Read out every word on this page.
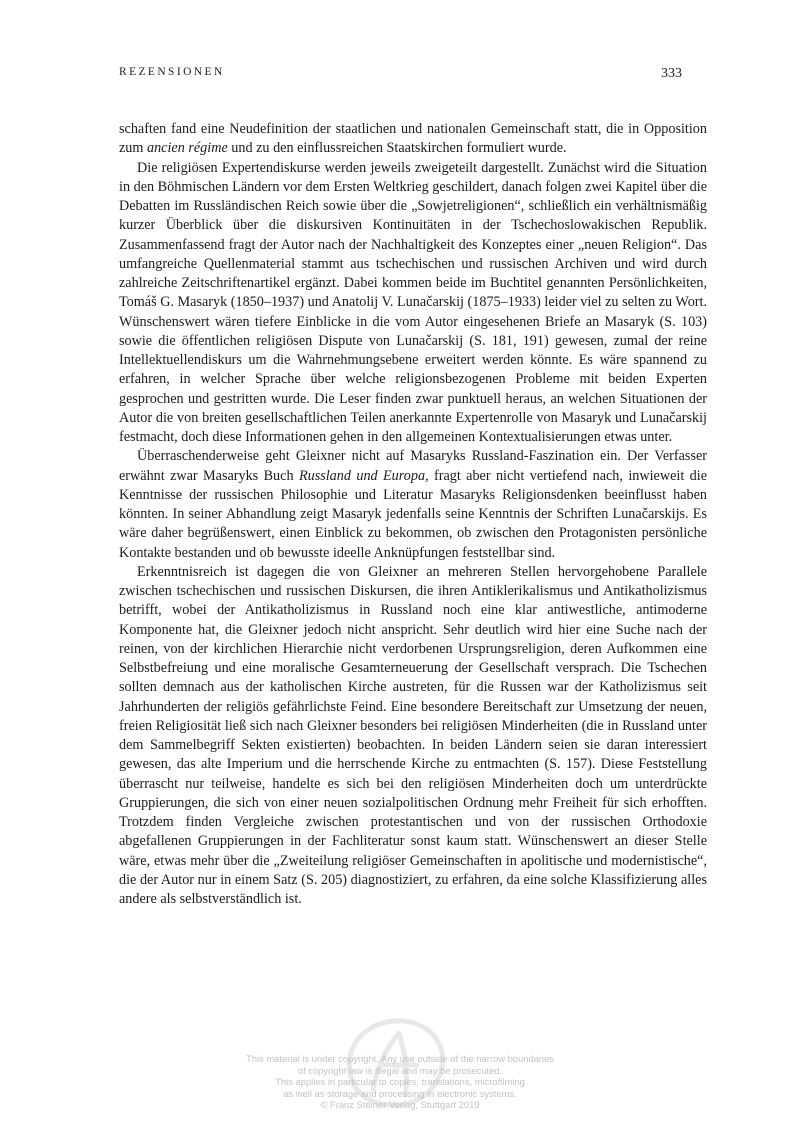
REZENSIONEN	333

schaften fand eine Neudefinition der staatlichen und nationalen Gemeinschaft statt, die in Opposition zum ancien régime und zu den einflussreichen Staatskirchen formuliert wurde.

Die religiösen Expertendiskurse werden jeweils zweigeteilt dargestellt. Zunächst wird die Situation in den Böhmischen Ländern vor dem Ersten Weltkrieg geschildert, danach folgen zwei Kapitel über die Debatten im Russländischen Reich sowie über die „Sowjetreligionen“, schließlich ein verhältnismäßig kurzer Überblick über die diskursiven Kontinuitäten in der Tschechoslowakischen Republik. Zusammenfassend fragt der Autor nach der Nachhaltigkeit des Konzeptes einer „neuen Religion“. Das umfangreiche Quellenmaterial stammt aus tschechischen und russischen Archiven und wird durch zahlreiche Zeitschriftenartikel ergänzt. Dabei kommen beide im Buchtitel genannten Persönlichkeiten, Tomáš G. Masaryk (1850–1937) und Anatolij V. Lunačarskij (1875–1933) leider viel zu selten zu Wort. Wünschenswert wären tiefere Einblicke in die vom Autor eingesehenen Briefe an Masaryk (S. 103) sowie die öffentlichen religiösen Dispute von Lunačarskij (S. 181, 191) gewesen, zumal der reine Intellektuellendiskurs um die Wahrnehmungsebene erweitert werden könnte. Es wäre spannend zu erfahren, in welcher Sprache über welche religionsbezogenen Probleme mit beiden Experten gesprochen und gestritten wurde. Die Leser finden zwar punktuell heraus, an welchen Situationen der Autor die von breiten gesellschaftlichen Teilen anerkannte Expertenrolle von Masaryk und Lunačarskij festmacht, doch diese Informationen gehen in den allgemeinen Kontextualisierungen etwas unter.

Überraschenderweise geht Gleixner nicht auf Masaryks Russland-Faszination ein. Der Verfasser erwähnt zwar Masaryks Buch Russland und Europa, fragt aber nicht vertiefend nach, inwieweit die Kenntnisse der russischen Philosophie und Literatur Masaryks Religionsdenken beeinflusst haben könnten. In seiner Abhandlung zeigt Masaryk jedenfalls seine Kenntnis der Schriften Lunačarskijs. Es wäre daher begrüßenswert, einen Einblick zu bekommen, ob zwischen den Protagonisten persönliche Kontakte bestanden und ob bewusste ideelle Anknüpfungen feststellbar sind.

Erkenntnisreich ist dagegen die von Gleixner an mehreren Stellen hervorgehobene Parallele zwischen tschechischen und russischen Diskursen, die ihren Antiklerikalismus und Antikatholizismus betrifft, wobei der Antikatholizismus in Russland noch eine klar antiwestliche, antimoderne Komponente hat, die Gleixner jedoch nicht anspricht. Sehr deutlich wird hier eine Suche nach der reinen, von der kirchlichen Hierarchie nicht verdorbenen Ursprungsreligion, deren Aufkommen eine Selbstbefreiung und eine moralische Gesamterneuerung der Gesellschaft versprach. Die Tschechen sollten demnach aus der katholischen Kirche austreten, für die Russen war der Katholizismus seit Jahrhunderten der religiös gefährlichste Feind. Eine besondere Bereitschaft zur Umsetzung der neuen, freien Religiosität ließ sich nach Gleixner besonders bei religiösen Minderheiten (die in Russland unter dem Sammelbegriff Sekten existierten) beobachten. In beiden Ländern seien sie daran interessiert gewesen, das alte Imperium und die herrschende Kirche zu entmachten (S. 157). Diese Feststellung überrascht nur teilweise, handelte es sich bei den religiösen Minderheiten doch um unterdrückte Gruppierungen, die sich von einer neuen sozialpolitischen Ordnung mehr Freiheit für sich erhofften. Trotzdem finden Vergleiche zwischen protestantischen und von der russischen Orthodoxie abgefallenen Gruppierungen in der Fachliteratur sonst kaum statt. Wünschenswert an dieser Stelle wäre, etwas mehr über die „Zweiteilung religiöser Gemeinschaften in apolitische und modernistische“, die der Autor nur in einem Satz (S. 205) diagnostiziert, zu erfahren, da eine solche Klassifizierung alles andere als selbstverständlich ist.

This material is under copyright. Any use outside of the narrow boundaries
of copyright law is illegal and may be prosecuted.
This applies in particular to copies, translations, microfilming
as well as storage and processing in electronic systems.
© Franz Steiner Verlag, Stuttgart 2019
